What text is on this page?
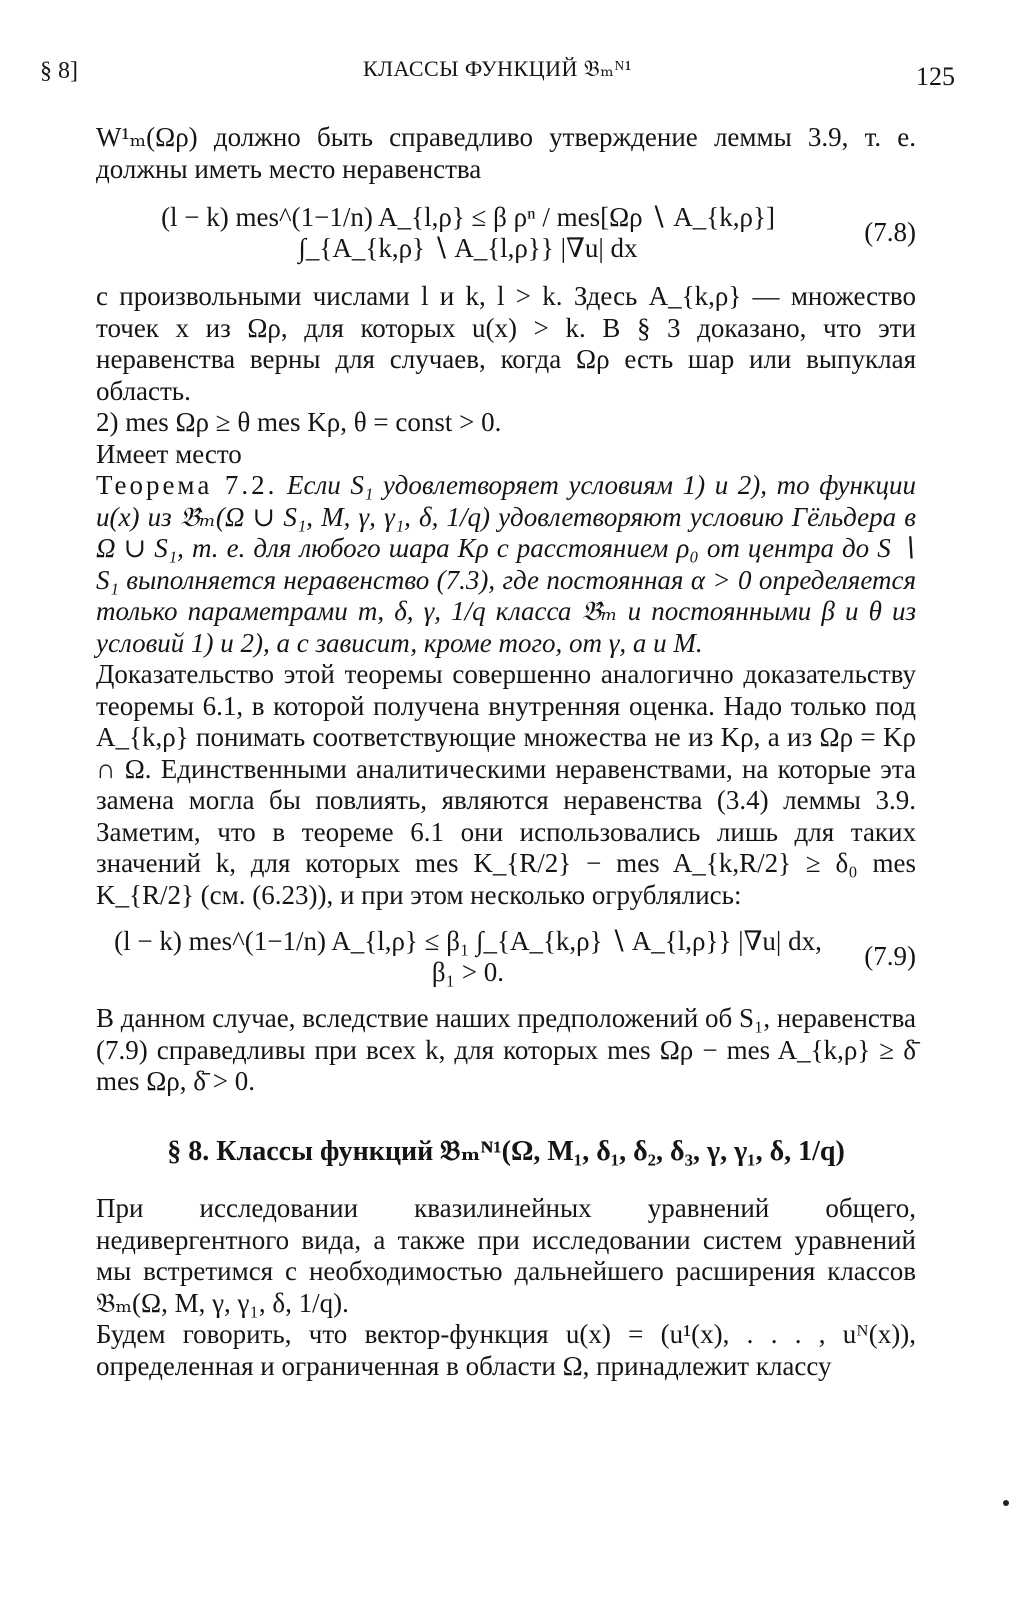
§ 8]	КЛАССЫ ФУНКЦИЙ 𝔅ₘᴺ¹	125

W¹ₘ(Ωρ) должно быть справедливо утверждение леммы 3.9, т. е. должны иметь место неравенства

(l − k) mes^(1−1/n) A_{l,ρ} ≤ β ρⁿ / mes[Ωρ ∖ A_{k,ρ}] ∫_{A_{k,ρ} ∖ A_{l,ρ}} |∇u| dx
(7.8)

с произвольными числами l и k, l > k. Здесь A_{k,ρ} — множество точек x из Ωρ, для которых u(x) > k. В § 3 доказано, что эти неравенства верны для случаев, когда Ωρ есть шар или выпуклая область.

2) mes Ωρ ≥ θ mes Kρ, θ = const > 0.

Имеет место

Теорема 7.2. Если S₁ удовлетворяет условиям 1) и 2), то функции u(x) из 𝔅̂ₘ(Ω ∪ S₁, M, γ, γ₁, δ, 1/q) удовлетворяют условию Гёльдера в Ω ∪ S₁, т. е. для любого шара Kρ с расстоянием ρ₀ от центра до S ∖ S₁ выполняется неравенство (7.3), где постоянная α > 0 определяется только параметрами m, δ, γ, 1/q класса 𝔅̂ₘ и постоянными β и θ из условий 1) и 2), а c зависит, кроме того, от γ, a и M.

Доказательство этой теоремы совершенно аналогично доказательству теоремы 6.1, в которой получена внутренняя оценка. Надо только под A_{k,ρ} понимать соответствующие множества не из Kρ, а из Ωρ = Kρ ∩ Ω. Единственными аналитическими неравенствами, на которые эта замена могла бы повлиять, являются неравенства (3.4) леммы 3.9. Заметим, что в теореме 6.1 они использовались лишь для таких значений k, для которых mes K_{R/2} − mes A_{k,R/2} ≥ δ₀ mes K_{R/2} (см. (6.23)), и при этом несколько огрублялись:

(l − k) mes^(1−1/n) A_{l,ρ} ≤ β₁ ∫_{A_{k,ρ} ∖ A_{l,ρ}} |∇u| dx, β₁ > 0.
(7.9)

В данном случае, вследствие наших предположений об S₁, неравенства (7.9) справедливы при всех k, для которых mes Ωρ − mes A_{k,ρ} ≥ δ̄ mes Ωρ, δ̄ > 0.

§ 8. Классы функций 𝔅ₘᴺ¹(Ω, M₁, δ₁, δ₂, δ₃, γ, γ₁, δ, 1/q)

При исследовании квазилинейных уравнений общего, недивергентного вида, а также при исследовании систем уравнений мы встретимся с необходимостью дальнейшего расширения классов 𝔅ₘ(Ω, M, γ, γ₁, δ, 1/q).

Будем говорить, что вектор-функция u(x) = (u¹(x), . . . , uᴺ(x)), определенная и ограниченная в области Ω, принадлежит классу
